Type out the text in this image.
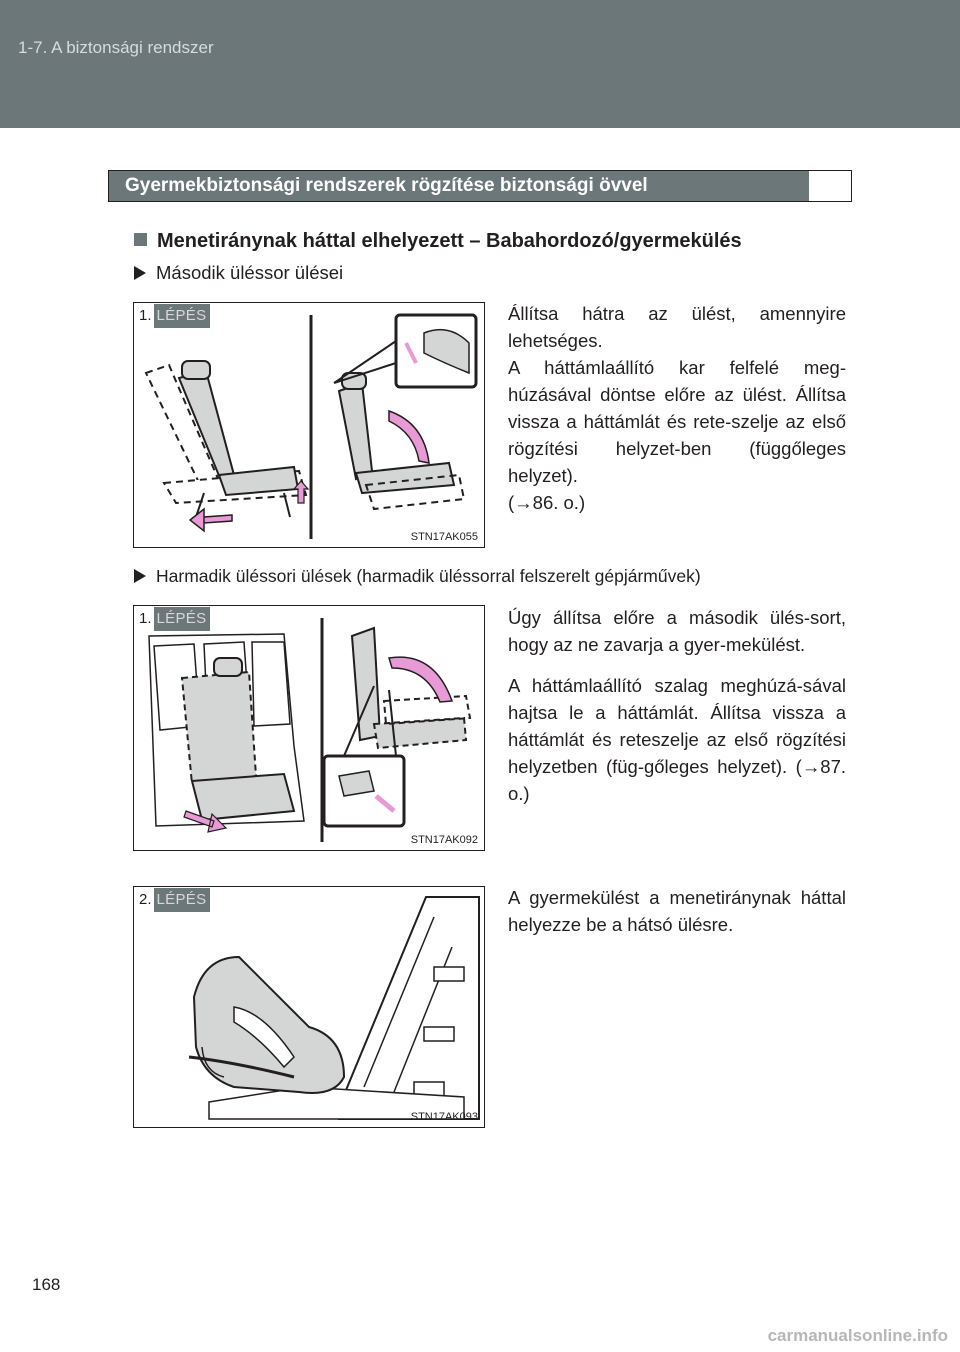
1-7. A biztonsági rendszer
Gyermekbiztonsági rendszerek rögzítése biztonsági övvel
Menetiránynak háttal elhelyezett – Babahordozó/gyermekülés
Második üléssor ülései
1. LÉPÉS
STN17AK055

Állítsa hátra az ülést, amennyire lehetséges.

A háttámlaállító kar felfelé meg-húzásával döntse előre az ülést. Állítsa vissza a háttámlát és rete-szelje az első rögzítési helyzet-ben (függőleges helyzet).

(→86. o.)

Harmadik üléssori ülések (harmadik üléssorral felszerelt gépjárművek)
1. LÉPÉS
STN17AK092

Úgy állítsa előre a második ülés-sort, hogy az ne zavarja a gyer-mekülést.

A háttámlaállító szalag meghúzá-sával hajtsa le a háttámlát. Állítsa vissza a háttámlát és reteszelje az első rögzítési helyzetben (füg-gőleges helyzet). (→87. o.)

2. LÉPÉS
STN17AK093

A gyermekülést a menetiránynak háttal helyezze be a hátsó ülésre.

168
carmanualsonline.info
